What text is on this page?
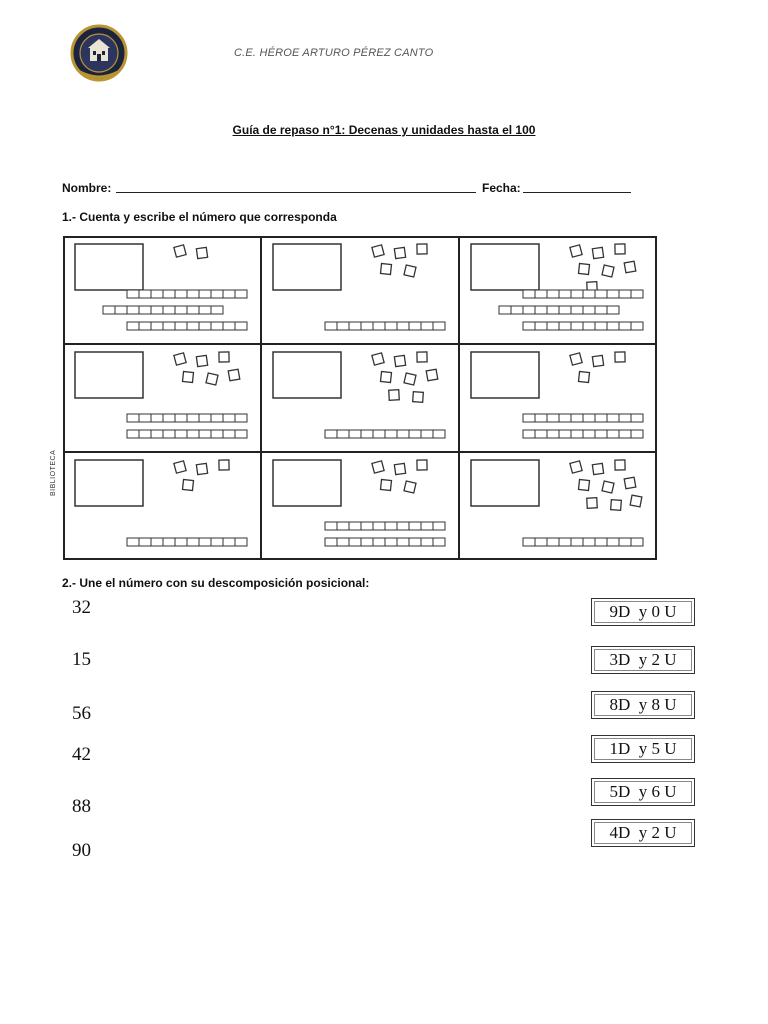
C.E. HÉROE ARTURO PÉREZ CANTO
Guía de repaso n°1: Decenas y unidades hasta el 100
Nombre:	Fecha:
1.- Cuenta y escribe el número que corresponda
BIBLIOTECA
2.- Une el número con su descomposición posicional:
32
15
56
42
88
90
9D  y 0 U
3D  y 2 U
8D  y 8 U
1D  y 5 U
5D  y 6 U
4D  y 2 U
